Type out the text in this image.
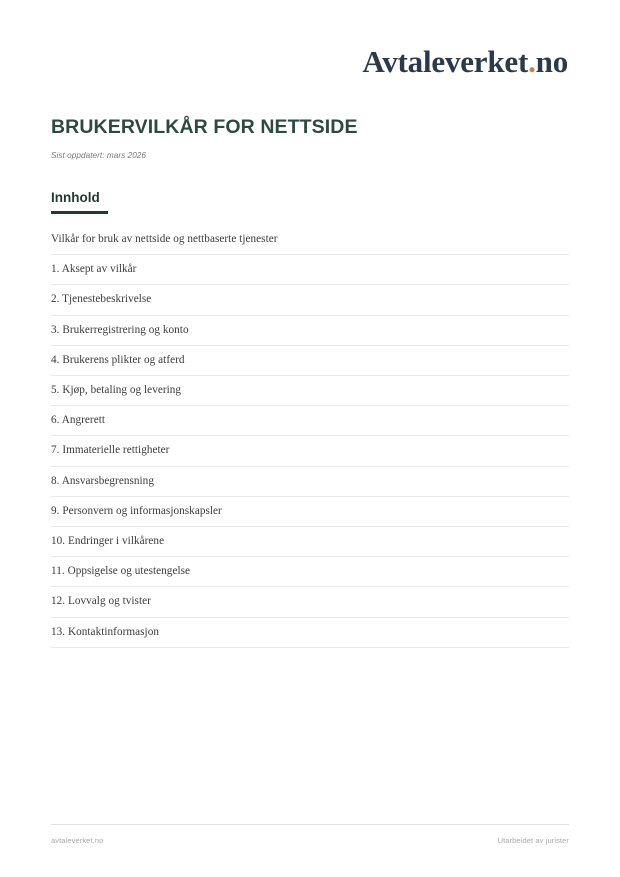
Avtaleverket.no
BRUKERVILKÅR FOR NETTSIDE
Sist oppdatert: mars 2026
Innhold
Vilkår for bruk av nettside og nettbaserte tjenester
1. Aksept av vilkår
2. Tjenestebeskrivelse
3. Brukerregistrering og konto
4. Brukerens plikter og atferd
5. Kjøp, betaling og levering
6. Angrerett
7. Immaterielle rettigheter
8. Ansvarsbegrensning
9. Personvern og informasjonskapsler
10. Endringer i vilkårene
11. Oppsigelse og utestengelse
12. Lovvalg og tvister
13. Kontaktinformasjon
avtaleverket.no	Utarbeidet av jurister
